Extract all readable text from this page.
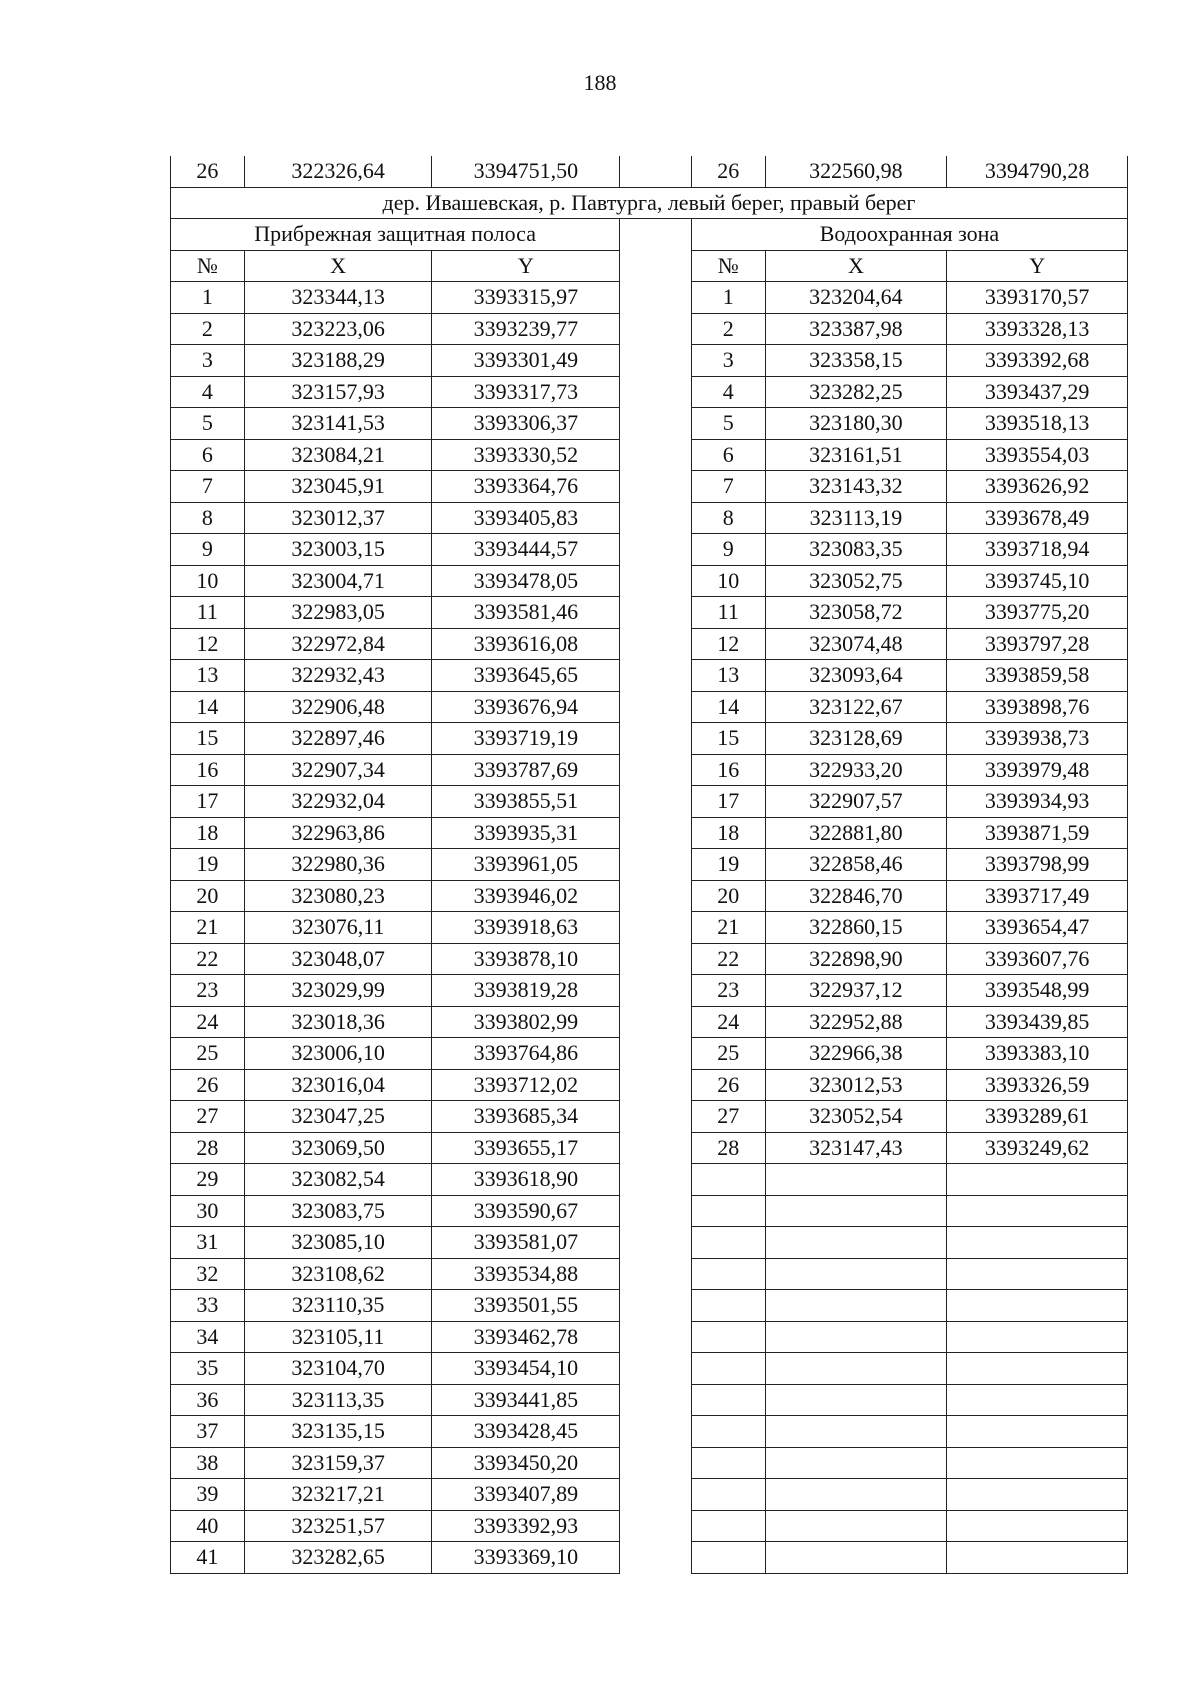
188
26	322326,64	3394751,50		26	322560,98	3394790,28
дер. Ивашевская, р. Павтурга, левый берег, правый берег						
Прибрежная защитная полоса				Водоохранная зона		
№	X	Y		№	X	Y
1	323344,13	3393315,97		1	323204,64	3393170,57
2	323223,06	3393239,77		2	323387,98	3393328,13
3	323188,29	3393301,49		3	323358,15	3393392,68
4	323157,93	3393317,73		4	323282,25	3393437,29
5	323141,53	3393306,37		5	323180,30	3393518,13
6	323084,21	3393330,52		6	323161,51	3393554,03
7	323045,91	3393364,76		7	323143,32	3393626,92
8	323012,37	3393405,83		8	323113,19	3393678,49
9	323003,15	3393444,57		9	323083,35	3393718,94
10	323004,71	3393478,05		10	323052,75	3393745,10
11	322983,05	3393581,46		11	323058,72	3393775,20
12	322972,84	3393616,08		12	323074,48	3393797,28
13	322932,43	3393645,65		13	323093,64	3393859,58
14	322906,48	3393676,94		14	323122,67	3393898,76
15	322897,46	3393719,19		15	323128,69	3393938,73
16	322907,34	3393787,69		16	322933,20	3393979,48
17	322932,04	3393855,51		17	322907,57	3393934,93
18	322963,86	3393935,31		18	322881,80	3393871,59
19	322980,36	3393961,05		19	322858,46	3393798,99
20	323080,23	3393946,02		20	322846,70	3393717,49
21	323076,11	3393918,63		21	322860,15	3393654,47
22	323048,07	3393878,10		22	322898,90	3393607,76
23	323029,99	3393819,28		23	322937,12	3393548,99
24	323018,36	3393802,99		24	322952,88	3393439,85
25	323006,10	3393764,86		25	322966,38	3393383,10
26	323016,04	3393712,02		26	323012,53	3393326,59
27	323047,25	3393685,34		27	323052,54	3393289,61
28	323069,50	3393655,17		28	323147,43	3393249,62
29	323082,54	3393618,90				
30	323083,75	3393590,67				
31	323085,10	3393581,07				
32	323108,62	3393534,88				
33	323110,35	3393501,55				
34	323105,11	3393462,78				
35	323104,70	3393454,10				
36	323113,35	3393441,85				
37	323135,15	3393428,45				
38	323159,37	3393450,20				
39	323217,21	3393407,89				
40	323251,57	3393392,93				
41	323282,65	3393369,10				
